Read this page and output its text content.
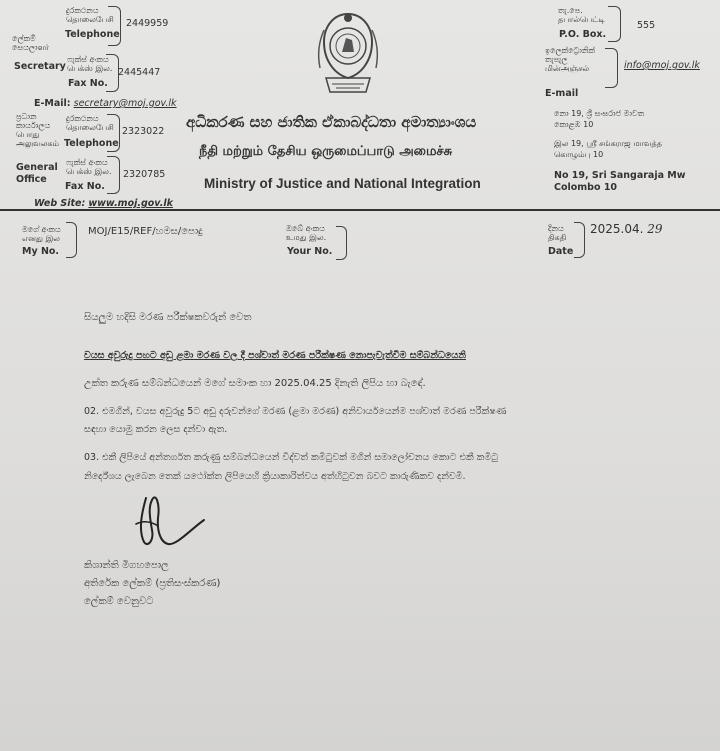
දුරකථනය
தொலைபேசி
Telephone
2449959
ලේකම්
සෙයලාளர்
Secretary
ෆැක්ස් අංකය
பெக்ஸ் இல.
Fax No.
2445447
E-Mail: secretary@moj.gov.lk
ප්‍රධාන
කාර්යාලය
பொது
அலுவலகம்
General
Office
දුරකථනය
தொலைபேசி
Telephone
2323022
ෆැක්ස් අංකය
பெக்ஸ் இல.
Fax No.
2320785
Web Site: www.moj.gov.lk
අධිකරණ සහ ජාතික ඒකාබද්ධතා අමාත්‍යාංශය
நீதி மற்றும் தேசிய ஒருமைப்பாடு அமைச்சு
Ministry of Justice and National Integration
තැ.පෙ.
தபால்பெட்டி
P.O. Box.
555
ඉලෙක්ට්‍රොනික්
තැපැල
மின்அஞ்சல்
E-mail
info@moj.gov.lk
නො 19, ශ්‍රී සංඝරාජ මාවත
කොළඹ 10
இல 19, ஸ்ரீ சங்கராஜ மாவத்த
கொழும்பு 10
No 19, Sri Sangaraja Mw
Colombo 10
මගේ අංකය
எனது இல
My No.
MOJ/E15/REF/හමස/පොදු	ඔබේ අංකය
உமது இல.
Your No.
දිනය
திகதி
Date
2025.04. 29
සියලුම හදිසි මරණ පරීක්ෂකවරුන් වෙත
වයස අවුරුදු පහට අඩු ළමා මරණ වල දී පශ්චාත් මරණ පරීක්ෂණ නොපැවැත්වීම සම්බන්ධයෙනි
උක්ත කරුණ සම්බන්ධයෙන් මගේ සමාංක හා 2025.04.25 දිනැති ලිපිය හා බැඳේ.
02. එමගින්, වයස අවුරුදු 5ට අඩු දරුවන්ගේ මරණ (ළමා මරණ) අනිවාර්යයෙන්ම පශ්චාත් මරණ පරීක්ෂණ
සඳහා යොමු කරන ලෙස දන්වා ඇත.
03. එකී ලිපියේ අන්තර්ගත කරුණු සම්බන්ධයෙන් විද්වත් කමිටුවක් මගින් සමාලෝචනය කොට එකී කමිටු
නිර්දේශය ලැබෙන තෙක් යථෝක්ත ලිපියෙහි ක්‍රියාකාරිත්වය අත්හිටුවන බවට කාරුණිකව දන්වමි.
කිශාන්ති මිගහපොල
අතිරේක ලේකම් (ප්‍රතිසංස්කරණ)
ලේකම් වෙනුවට
